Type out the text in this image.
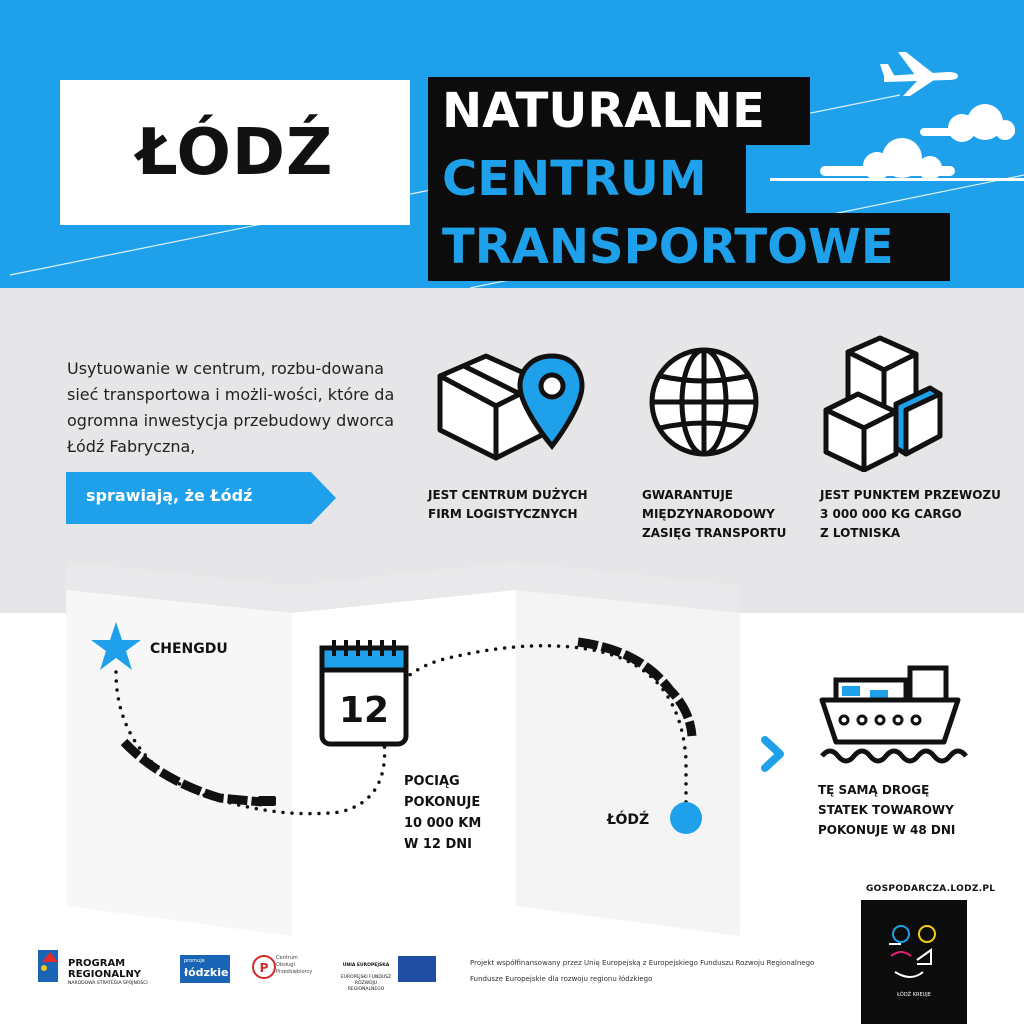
ŁÓDŹ
NATURALNE
CENTRUM
TRANSPORTOWE

Usytuowanie w centrum, rozbu-dowana sieć transportowa i możli-wości, które da ogromna inwestycja przebudowy dworca Łódź Fabryczna,

sprawiają, że Łódź	JEST CENTRUM DUŻYCH
FIRM LOGISTYCZNYCH
GWARANTUJE
MIĘDZYNARODOWY
ZASIĘG TRANSPORTU
JEST PUNKTEM PRZEWOZU
3 000 000 KG CARGO
Z LOTNISKA
12
P
CHENGDU
ŁÓDŹ
POCIĄG
POKONUJE
10 000 KM
W 12 DNI
TĘ SAMĄ DROGĘ
STATEK TOWAROWY
POKONUJE W 48 DNI
GOSPODARCZA.LODZ.PL
ŁÓDŹ KREUJE
PROGRAM
REGIONALNY
NARODOWA STRATEGIA SPÓJNOŚCI
promuje
łódzkie
Centrum
Obsługi
Przedsiębiorcy

UNIA EUROPEJSKA

EUROPEJSKI FUNDUSZ
ROZWOJU REGIONALNEGO

Projekt współfinansowany przez Unię Europejską z Europejskiego Funduszu Rozwoju Regionalnego
Fundusze Europejskie dla rozwoju regionu łódzkiego
